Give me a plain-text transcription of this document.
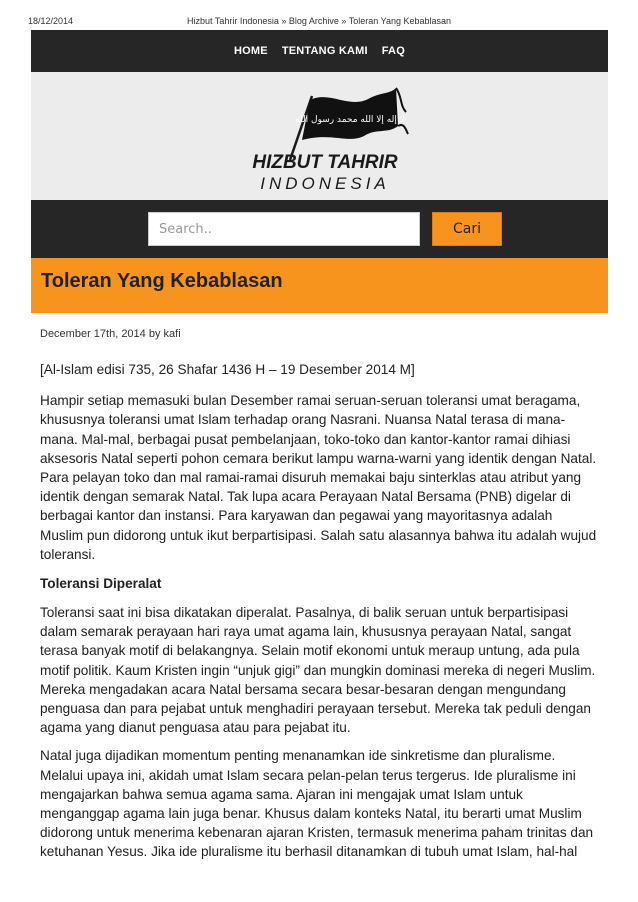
18/12/2014	Hizbut Tahrir Indonesia » Blog Archive » Toleran Yang Kebablasan
HOME TENTANG KAMI FAQ
لا إله إلا الله محمد رسول الله
HIZBUT TAHRIR
INDONESIA
Search..
Cari
Toleran Yang Kebablasan
December 17th, 2014 by kafi

[Al-Islam edisi 735, 26 Shafar 1436 H – 19 Desember 2014 M]

Hampir setiap memasuki bulan Desember ramai seruan-seruan toleransi umat beragama, khususnya toleransi umat Islam terhadap orang Nasrani. Nuansa Natal terasa di mana-mana. Mal-mal, berbagai pusat pembelanjaan, toko-toko dan kantor-kantor ramai dihiasi aksesoris Natal seperti pohon cemara berikut lampu warna-warni yang identik dengan Natal. Para pelayan toko dan mal ramai-ramai disuruh memakai baju sinterklas atau atribut yang identik dengan semarak Natal. Tak lupa acara Perayaan Natal Bersama (PNB) digelar di berbagai kantor dan instansi. Para karyawan dan pegawai yang mayoritasnya adalah Muslim pun didorong untuk ikut berpartisipasi. Salah satu alasannya bahwa itu adalah wujud toleransi.

Toleransi Diperalat

Toleransi saat ini bisa dikatakan diperalat. Pasalnya, di balik seruan untuk berpartisipasi dalam semarak perayaan hari raya umat agama lain, khususnya perayaan Natal, sangat terasa banyak motif di belakangnya. Selain motif ekonomi untuk meraup untung, ada pula motif politik. Kaum Kristen ingin “unjuk gigi” dan mungkin dominasi mereka di negeri Muslim. Mereka mengadakan acara Natal bersama secara besar-besaran dengan mengundang penguasa dan para pejabat untuk menghadiri perayaan tersebut. Mereka tak peduli dengan agama yang dianut penguasa atau para pejabat itu.

Natal juga dijadikan momentum penting menanamkan ide sinkretisme dan pluralisme. Melalui upaya ini, akidah umat Islam secara pelan-pelan terus tergerus. Ide pluralisme ini mengajarkan bahwa semua agama sama. Ajaran ini mengajak umat Islam untuk menganggap agama lain juga benar. Khusus dalam konteks Natal, itu berarti umat Muslim didorong untuk menerima kebenaran ajaran Kristen, termasuk menerima paham trinitas dan ketuhanan Yesus. Jika ide pluralisme itu berhasil ditanamkan di tubuh umat Islam, hal-hal
